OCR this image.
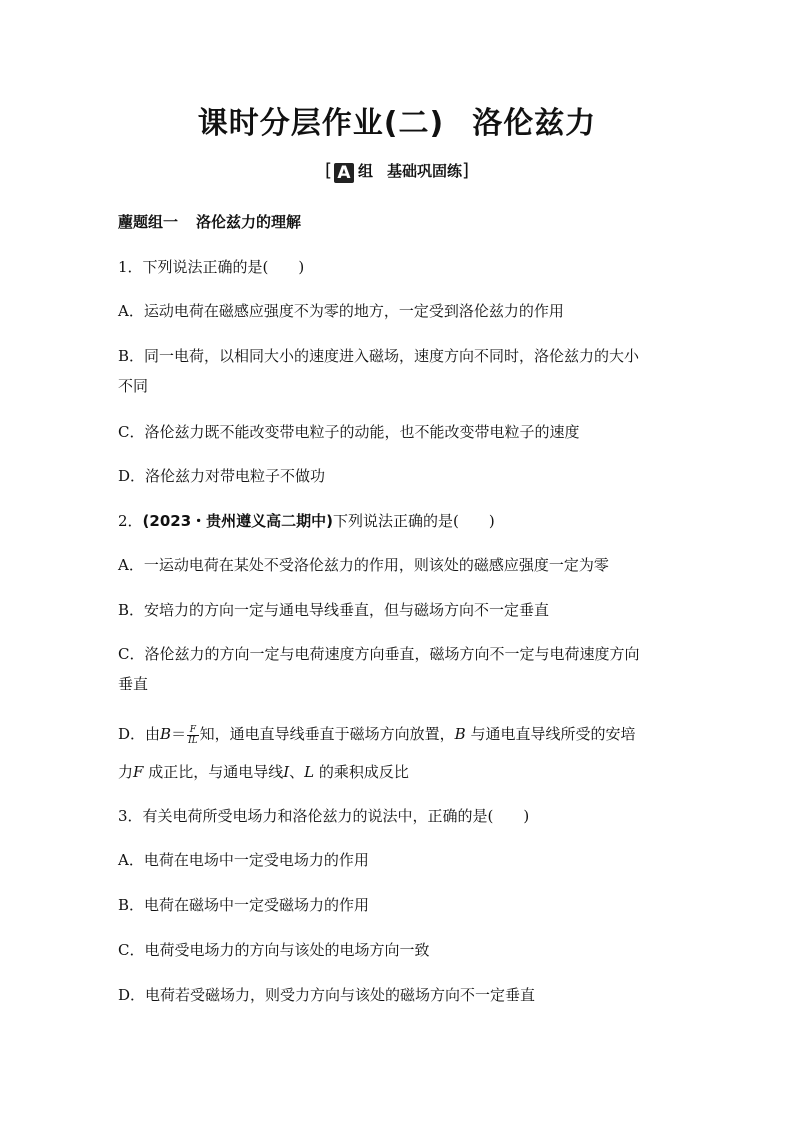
课时分层作业(二) 洛伦兹力
[ A 组 基础巩固练]
薼题组一 洛伦兹力的理解
1．下列说法正确的是(　　)
A．运动电荷在磁感应强度不为零的地方，一定受到洛伦兹力的作用
B．同一电荷，以相同大小的速度进入磁场，速度方向不同时，洛伦兹力的大小
不同
C．洛伦兹力既不能改变带电粒子的动能，也不能改变带电粒子的速度
D．洛伦兹力对带电粒子不做功
2．(2023・贵州遵义高二期中)下列说法正确的是(　　)
A．一运动电荷在某处不受洛伦兹力的作用，则该处的磁感应强度一定为零
B．安培力的方向一定与通电导线垂直，但与磁场方向不一定垂直
C．洛伦兹力的方向一定与电荷速度方向垂直，磁场方向不一定与电荷速度方向
垂直
D．由$B= \frac{F}{IL}$ 知，通电直导线垂直于磁场方向放置，B 与通电直导线所受的安培
力F 成正比，与通电导线I、L 的乘积成反比
3．有关电荷所受电场力和洛伦兹力的说法中，正确的是(　　)
A．电荷在电场中一定受电场力的作用
B．电荷在磁场中一定受磁场力的作用
C．电荷受电场力的方向与该处的电场方向一致
D．电荷若受磁场力，则受力方向与该处的磁场方向不一定垂直
